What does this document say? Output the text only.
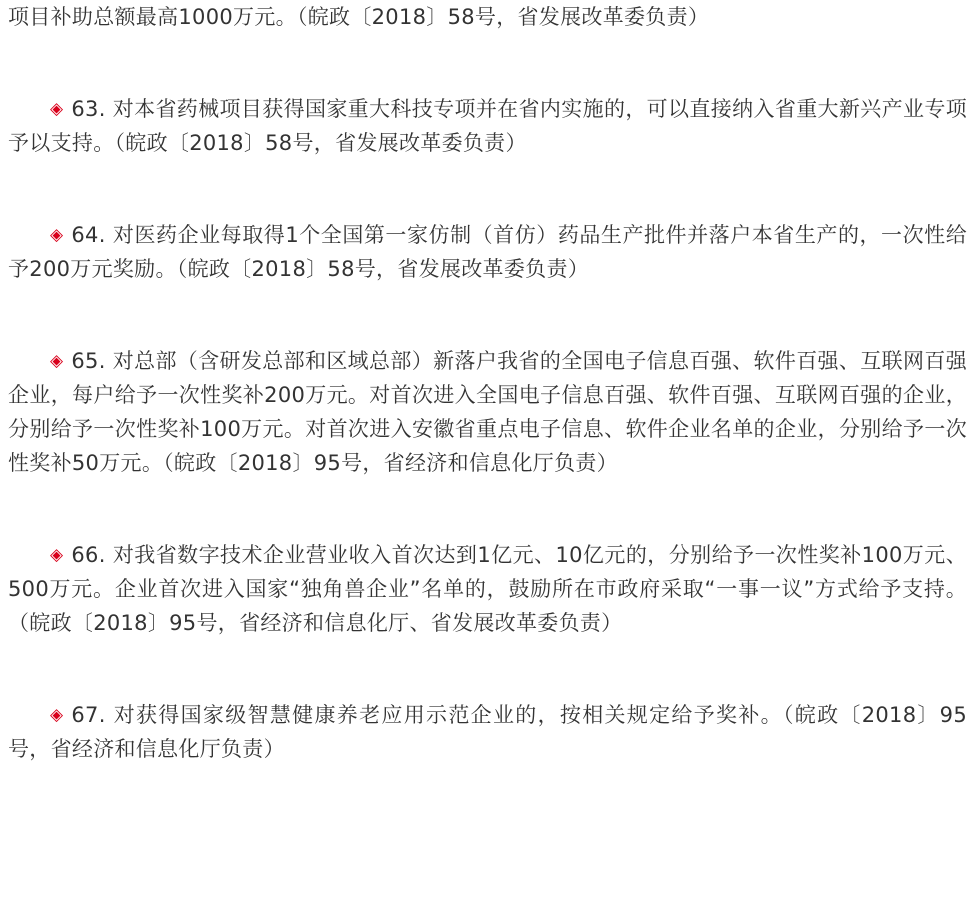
项目补助总额最高1000万元。（皖政〔2018〕58号，省发展改革委负责）

◈ 63. 对本省药械项目获得国家重大科技专项并在省内实施的，可以直接纳入省重大新兴产业专项予以支持。（皖政〔2018〕58号，省发展改革委负责）

◈ 64. 对医药企业每取得1个全国第一家仿制（首仿）药品生产批件并落户本省生产的，一次性给予200万元奖励。（皖政〔2018〕58号，省发展改革委负责）

◈ 65. 对总部（含研发总部和区域总部）新落户我省的全国电子信息百强、软件百强、互联网百强企业，每户给予一次性奖补200万元。对首次进入全国电子信息百强、软件百强、互联网百强的企业，分别给予一次性奖补100万元。对首次进入安徽省重点电子信息、软件企业名单的企业，分别给予一次性奖补50万元。（皖政〔2018〕95号，省经济和信息化厅负责）

◈ 66. 对我省数字技术企业营业收入首次达到1亿元、10亿元的，分别给予一次性奖补100万元、500万元。企业首次进入国家“独角兽企业”名单的，鼓励所在市政府采取“一事一议”方式给予支持。（皖政〔2018〕95号，省经济和信息化厅、省发展改革委负责）

◈ 67. 对获得国家级智慧健康养老应用示范企业的，按相关规定给予奖补。（皖政〔2018〕95号，省经济和信息化厅负责）
